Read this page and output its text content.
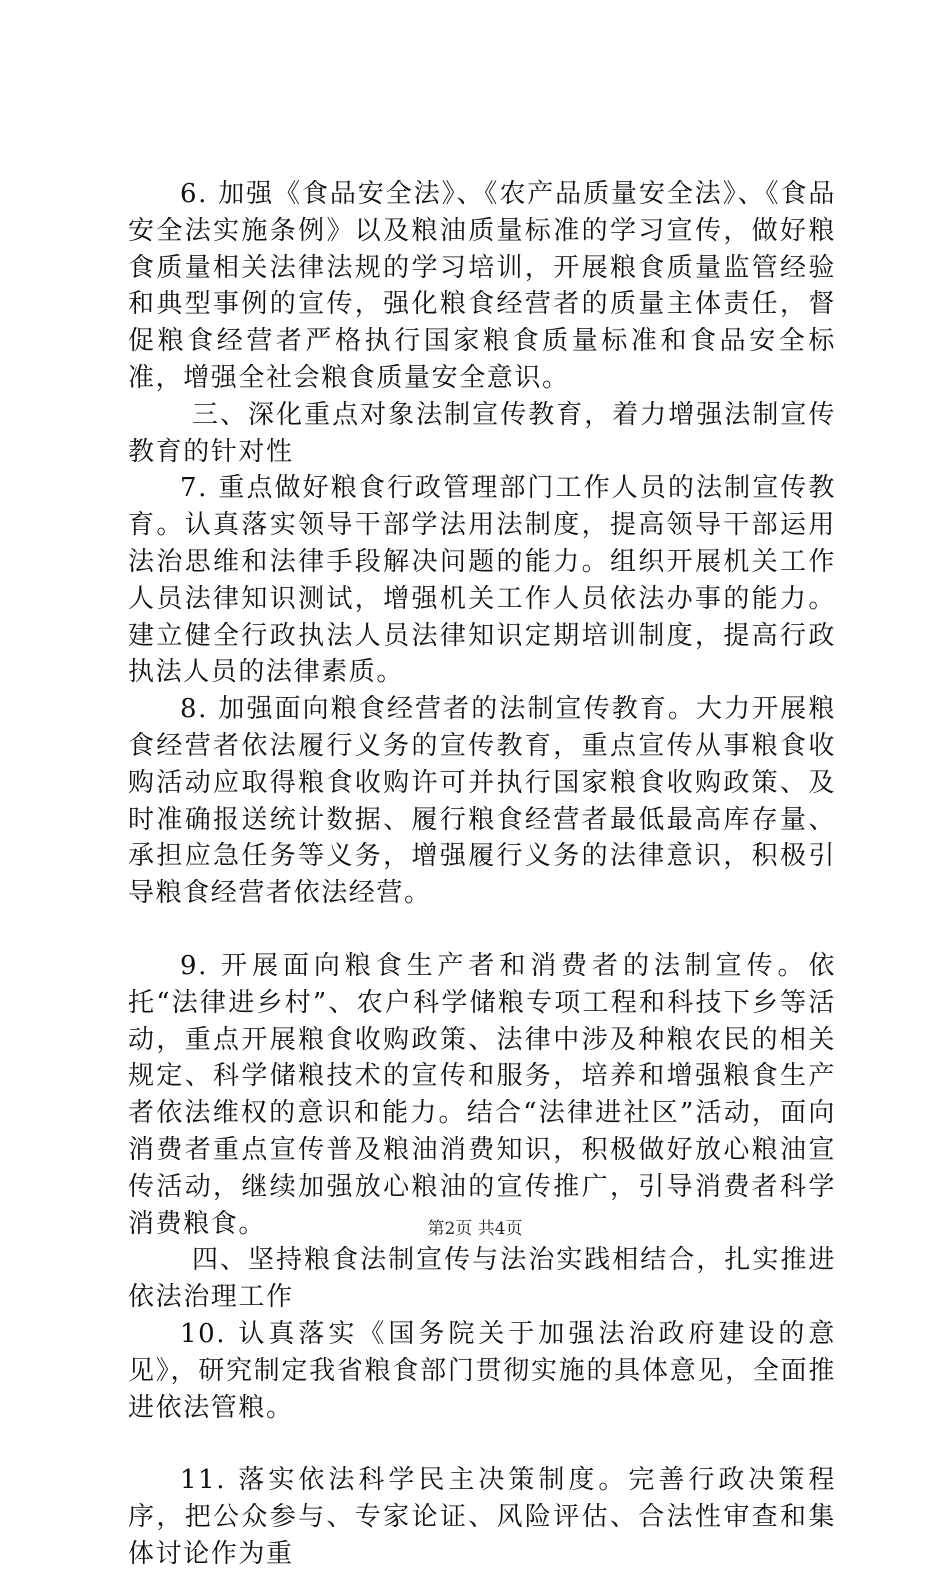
6. 加强《食品安全法》、《农产品质量安全法》、《食品安全法实施条例》以及粮油质量标准的学习宣传，做好粮食质量相关法律法规的学习培训，开展粮食质量监管经验和典型事例的宣传，强化粮食经营者的质量主体责任，督促粮食经营者严格执行国家粮食质量标准和食品安全标准，增强全社会粮食质量安全意识。

三、深化重点对象法制宣传教育，着力增强法制宣传教育的针对性

7. 重点做好粮食行政管理部门工作人员的法制宣传教育。认真落实领导干部学法用法制度，提高领导干部运用法治思维和法律手段解决问题的能力。组织开展机关工作人员法律知识测试，增强机关工作人员依法办事的能力。建立健全行政执法人员法律知识定期培训制度，提高行政执法人员的法律素质。

8. 加强面向粮食经营者的法制宣传教育。大力开展粮食经营者依法履行义务的宣传教育，重点宣传从事粮食收购活动应取得粮食收购许可并执行国家粮食收购政策、及时准确报送统计数据、履行粮食经营者最低最高库存量、承担应急任务等义务，增强履行义务的法律意识，积极引导粮食经营者依法经营。

9. 开展面向粮食生产者和消费者的法制宣传。依托“法律进乡村”、农户科学储粮专项工程和科技下乡等活动，重点开展粮食收购政策、法律中涉及种粮农民的相关规定、科学储粮技术的宣传和服务，培养和增强粮食生产者依法维权的意识和能力。结合“法律进社区”活动，面向消费者重点宣传普及粮油消费知识，积极做好放心粮油宣传活动，继续加强放心粮油的宣传推广，引导消费者科学消费粮食。

四、坚持粮食法制宣传与法治实践相结合，扎实推进依法治理工作

10. 认真落实《国务院关于加强法治政府建设的意见》，研究制定我省粮食部门贯彻实施的具体意见，全面推进依法管粮。

11. 落实依法科学民主决策制度。完善行政决策程序，把公众参与、专家论证、风险评估、合法性审查和集体讨论作为重

第2页 共4页
